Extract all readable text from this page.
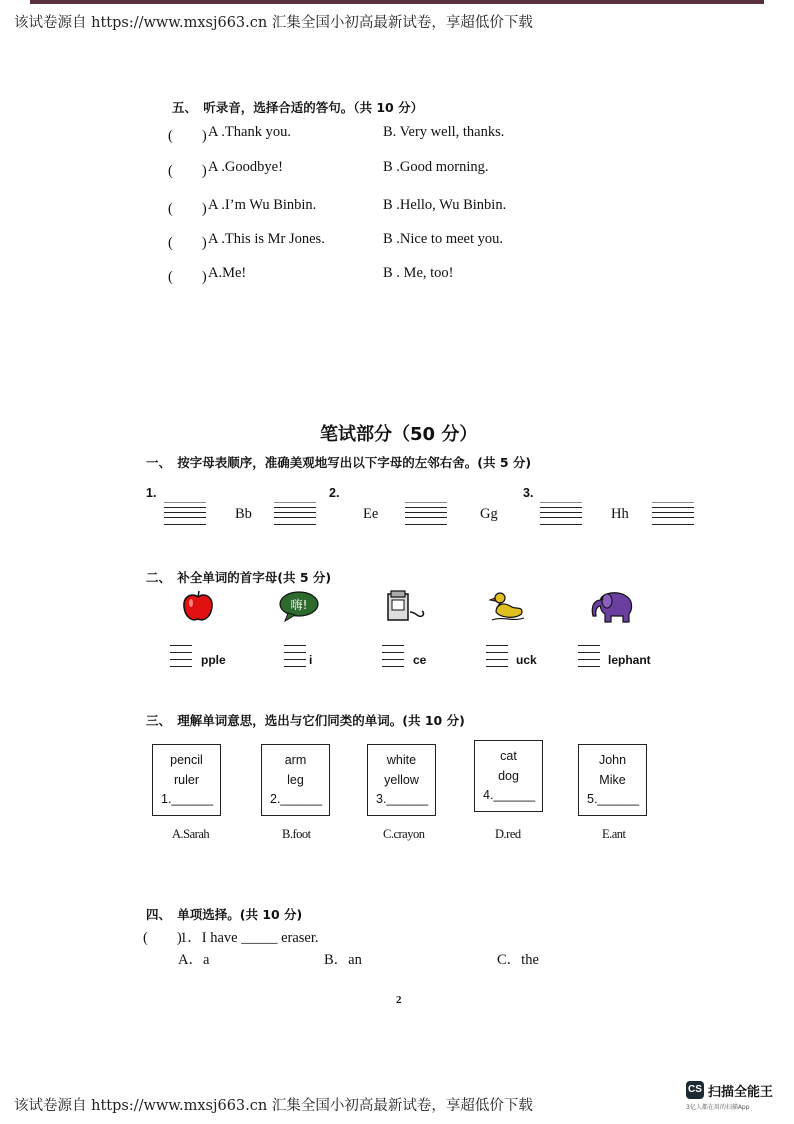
该试卷源自 https://www.mxsj663.cn 汇集全国小初高最新试卷，享超低价下载
五、　听录音，选择合适的答句。（共 10 分）
(　　) A .Thank you.	B. Very well, thanks.
(　　) A .Goodbye!	B .Good morning.
(　　) A .I’m Wu Binbin.	B .Hello, Wu Binbin.
(　　) A .This is Mr Jones.	B .Nice to meet you.
(　　) A.Me!	B . Me, too!
笔试部分（50 分）
一、　按字母表顺序，准确美观地写出以下字母的左邻右舍。(共 5 分)
1.
Bb
2.
Ee	Gg
3.
Hh
二、　补全单词的首字母(共 5 分)
嗨!
pple	i	ce	uck	lephant
三、　理解单词意思，选出与它们同类的单词。(共 10 分)
pencil
ruler
1.______
arm
leg
2.______
white
yellow
3.______
cat
dog
4.______
John
Mike
5.______
A.Sarah	B.foot	C.crayon	D.red	E.ant
四、　单项选择。(共 10 分)
(　　)
1．I have _____ eraser.
A．a	B．an	C．the
2
该试卷源自 https://www.mxsj663.cn 汇集全国小初高最新试卷，享超低价下载
CS 扫描全能王
3亿人都在用的扫描App
